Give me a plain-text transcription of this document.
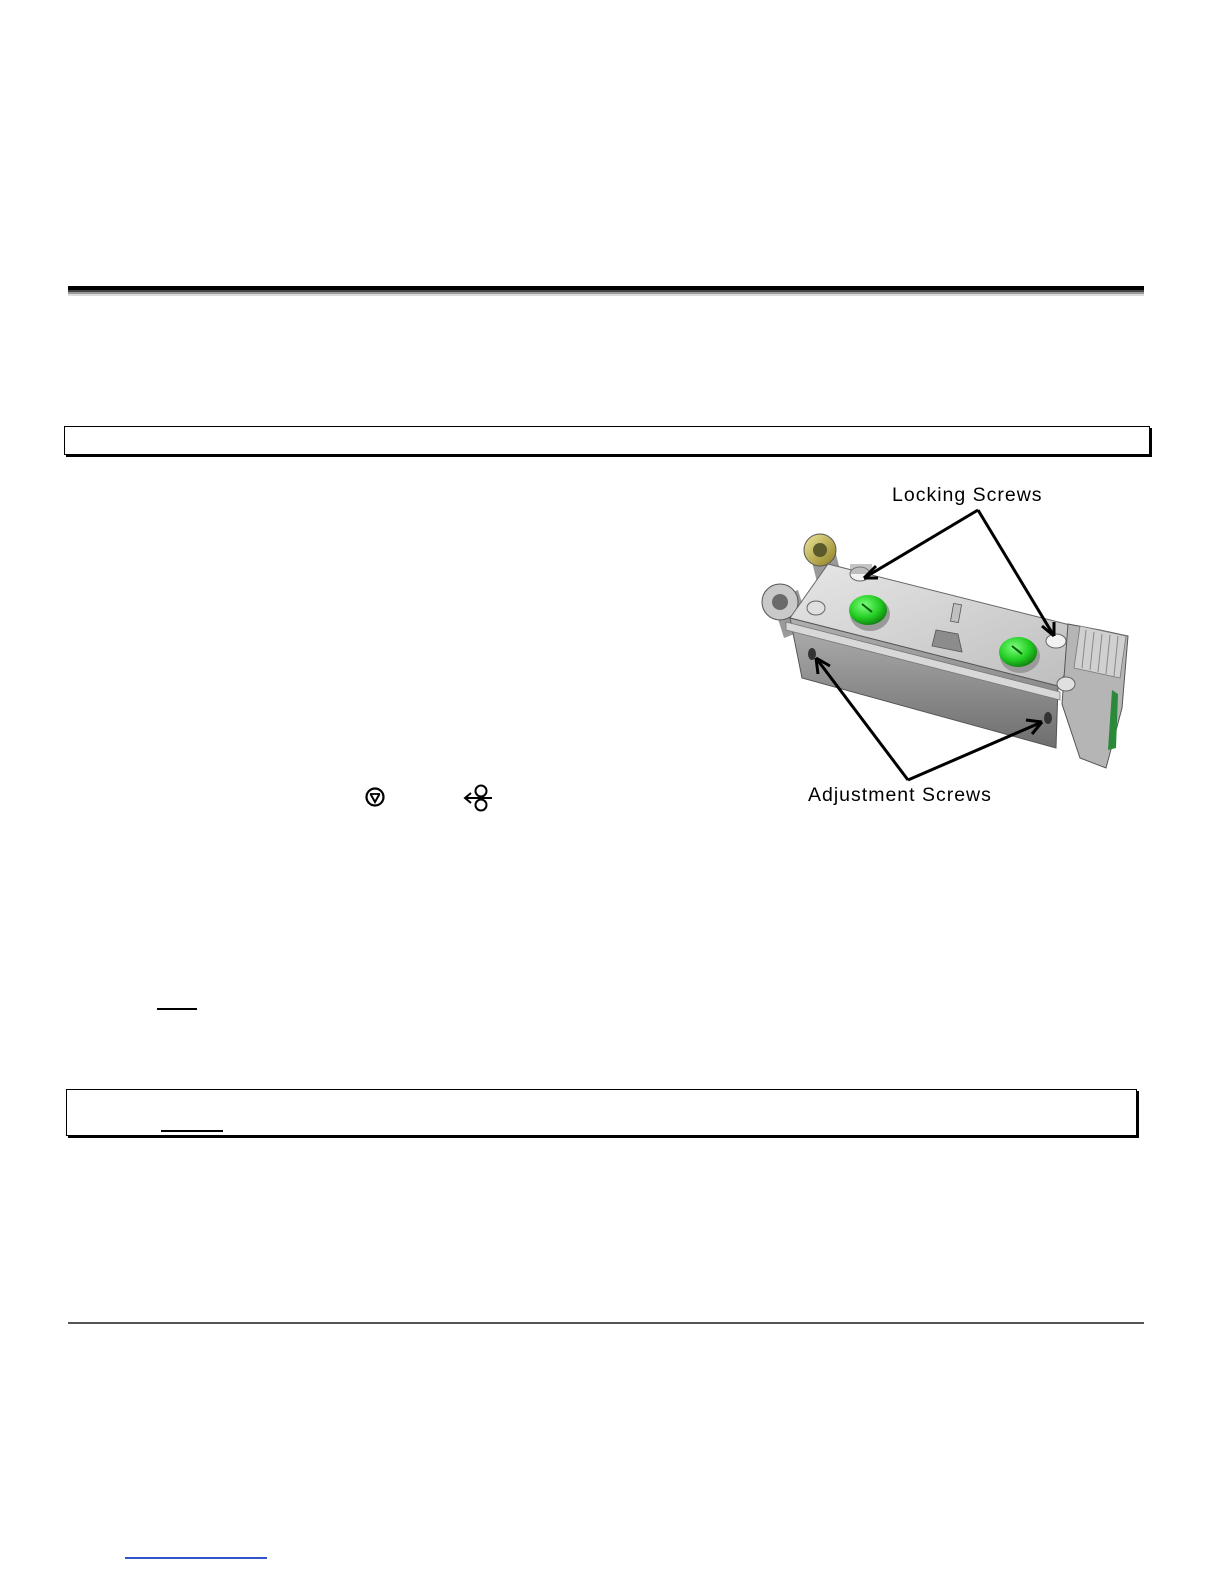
Locking Screws
Adjustment Screws
